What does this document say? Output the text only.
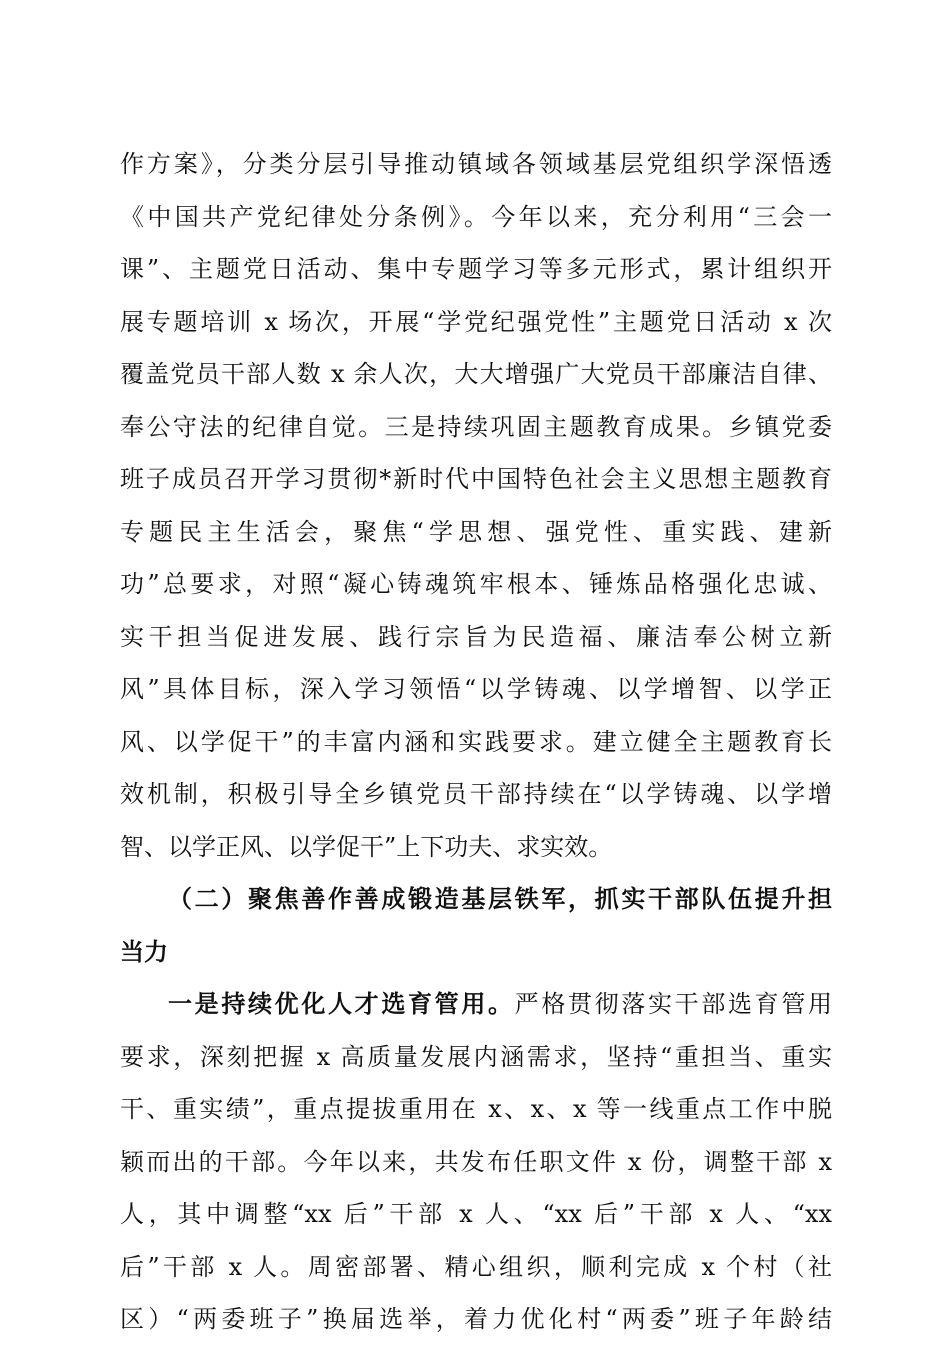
作方案》，分类分层引导推动镇域各领域基层党组织学深悟透
《中国共产党纪律处分条例》。今年以来，充分利用“三会一
课”、主题党日活动、集中专题学习等多元形式，累计组织开
展专题培训 x 场次，开展“学党纪强党性”主题党日活动 x 次
覆盖党员干部人数 x 余人次，大大增强广大党员干部廉洁自律、
奉公守法的纪律自觉。三是持续巩固主题教育成果。乡镇党委
班子成员召开学习贯彻*新时代中国特色社会主义思想主题教育
专题民主生活会，聚焦“学思想、强党性、重实践、建新
功”总要求，对照“凝心铸魂筑牢根本、锤炼品格强化忠诚、
实干担当促进发展、践行宗旨为民造福、廉洁奉公树立新
风”具体目标，深入学习领悟“以学铸魂、以学增智、以学正
风、以学促干”的丰富内涵和实践要求。建立健全主题教育长
效机制，积极引导全乡镇党员干部持续在“以学铸魂、以学增
智、以学正风、以学促干”上下功夫、求实效。
（二）聚焦善作善成锻造基层铁军，抓实干部队伍提升担
当力
一是持续优化人才选育管用。严格贯彻落实干部选育管用
要求，深刻把握 x 高质量发展内涵需求，坚持“重担当、重实
干、重实绩”，重点提拔重用在 x、x、x 等一线重点工作中脱
颖而出的干部。今年以来，共发布任职文件 x 份，调整干部 x
人，其中调整“xx 后”干部 x 人、“xx 后”干部 x 人、“xx
后”干部 x 人。周密部署、精心组织，顺利完成 x 个村（社
区）“两委班子”换届选举，着力优化村“两委”班子年龄结
